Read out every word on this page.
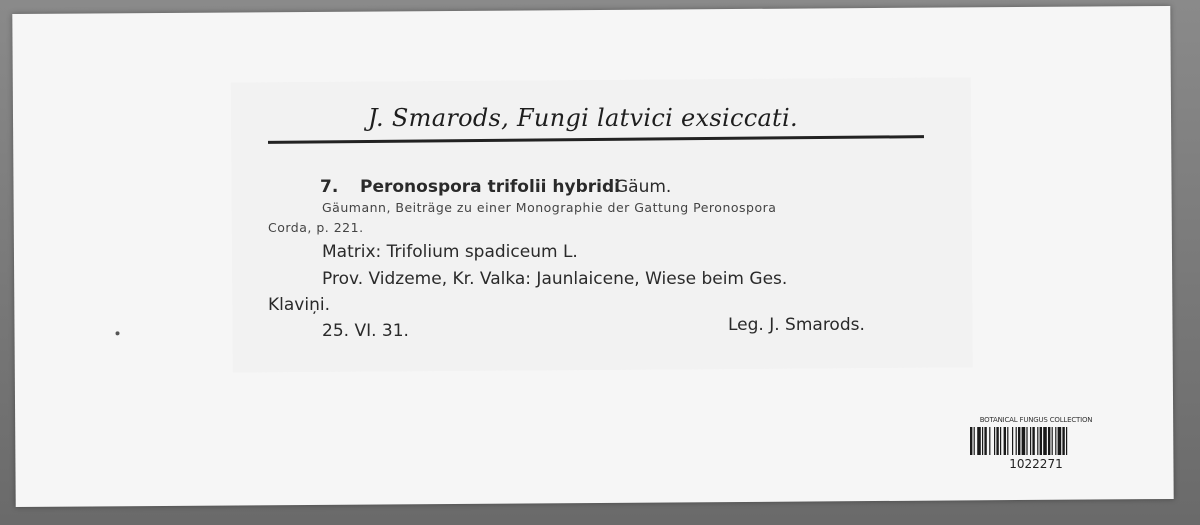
J. Smarods, Fungi latvici exsiccati.
7. Peronospora trifolii hybridi
Gäum.
Gäumann, Beiträge zu einer Monographie der Gattung Peronospora
Corda, p. 221.
Matrix: Trifolium spadiceum L.
Prov. Vidzeme, Kr. Valka: Jaunlaicene, Wiese beim Ges.
Klaviņi.
25. VI. 31.	Leg. J. Smarods.
BOTANICAL FUNGUS COLLECTION
1022271
